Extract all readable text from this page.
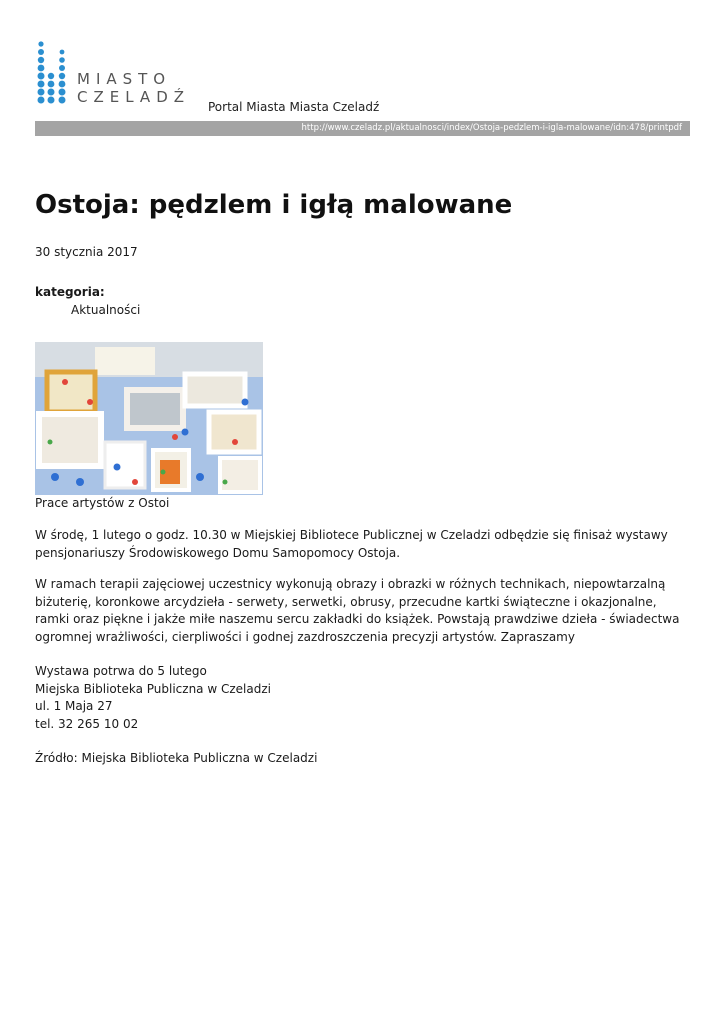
MIASTO
CZELADŹ
Portal Miasta Miasta Czeladź
http://www.czeladz.pl/aktualnosci/index/Ostoja-pedzlem-i-igla-malowane/idn:478/printpdf
Ostoja: pędzlem i igłą malowane
30 stycznia 2017
kategoria:
Aktualności
Prace artystów z Ostoi

W środę, 1 lutego o godz. 10.30 w Miejskiej Bibliotece Publicznej w Czeladzi odbędzie się finisaż wystawy
pensjonariuszy Środowiskowego Domu Samopomocy Ostoja.

W ramach terapii zajęciowej uczestnicy wykonują obrazy i obrazki w różnych technikach, niepowtarzalną
biżuterię, koronkowe arcydzieła - serwety, serwetki, obrusy, przecudne kartki świąteczne i okazjonalne,
ramki oraz piękne i jakże miłe naszemu sercu zakładki do książek. Powstają prawdziwe dzieła - świadectwa
ogromnej wrażliwości, cierpliwości i godnej zazdroszczenia precyzji artystów. Zapraszamy

Wystawa potrwa do 5 lutego
Miejska Biblioteka Publiczna w Czeladzi
ul. 1 Maja 27
tel. 32 265 10 02

Źródło: Miejska Biblioteka Publiczna w Czeladzi
